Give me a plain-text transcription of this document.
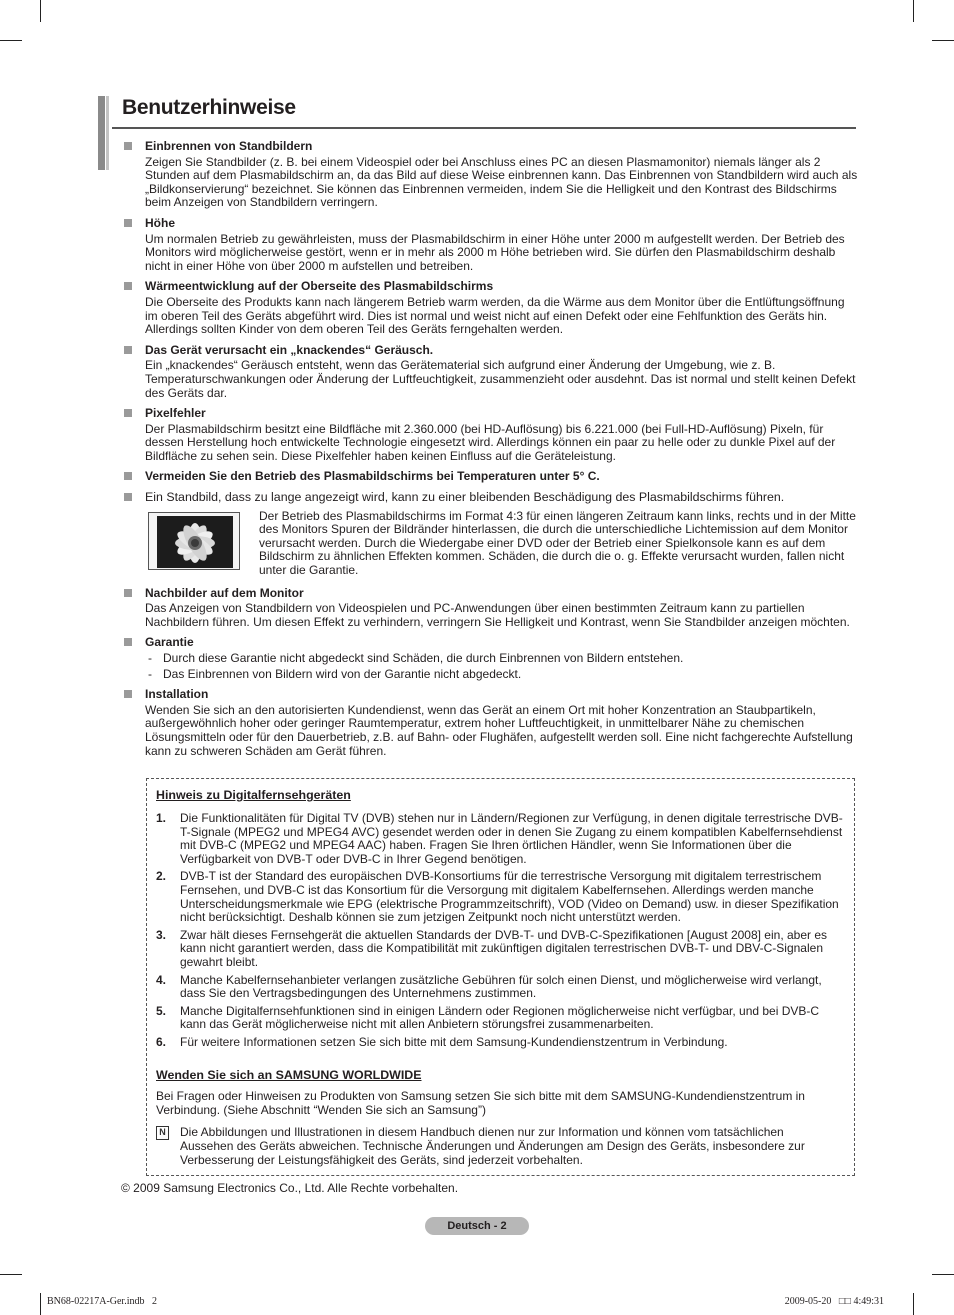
Benutzerhinweise
Einbrennen von Standbildern
Zeigen Sie Standbilder (z. B. bei einem Videospiel oder bei Anschluss eines PC an diesen Plasmamonitor) niemals länger als 2 Stunden auf dem Plasmabildschirm an, da das Bild auf diese Weise einbrennen kann. Das Einbrennen von Standbildern wird auch als „Bildkonservierung“ bezeichnet. Sie können das Einbrennen vermeiden, indem Sie die Helligkeit und den Kontrast des Bildschirms beim Anzeigen von Standbildern verringern.
Höhe
Um normalen Betrieb zu gewährleisten, muss der Plasmabildschirm in einer Höhe unter 2000 m aufgestellt werden. Der Betrieb des Monitors wird möglicherweise gestört, wenn er in mehr als 2000 m Höhe betrieben wird. Sie dürfen den Plasmabildschirm deshalb nicht in einer Höhe von über 2000 m aufstellen und betreiben.
Wärmeentwicklung auf der Oberseite des Plasmabildschirms
Die Oberseite des Produkts kann nach längerem Betrieb warm werden, da die Wärme aus dem Monitor über die Entlüftungsöffnung im oberen Teil des Geräts abgeführt wird. Dies ist normal und weist nicht auf einen Defekt oder eine Fehlfunktion des Geräts hin. Allerdings sollten Kinder von dem oberen Teil des Geräts ferngehalten werden.
Das Gerät verursacht ein „knackendes“ Geräusch.
Ein „knackendes“ Geräusch entsteht, wenn das Gerätematerial sich aufgrund einer Änderung der Umgebung, wie z. B. Temperaturschwankungen oder Änderung der Luftfeuchtigkeit, zusammenzieht oder ausdehnt. Das ist normal und stellt keinen Defekt des Geräts dar.
Pixelfehler
Der Plasmabildschirm besitzt eine Bildfläche mit 2.360.000 (bei HD-Auflösung) bis 6.221.000 (bei Full-HD-Auflösung) Pixeln, für dessen Herstellung hoch entwickelte Technologie eingesetzt wird. Allerdings können ein paar zu helle oder zu dunkle Pixel auf der Bildfläche zu sehen sein. Diese Pixelfehler haben keinen Einfluss auf die Geräteleistung.
Vermeiden Sie den Betrieb des Plasmabildschirms bei Temperaturen unter 5° C.
Ein Standbild, dass zu lange angezeigt wird, kann zu einer bleibenden Beschädigung des Plasmabildschirms führen.
Der Betrieb des Plasmabildschirms im Format 4:3 für einen längeren Zeitraum kann links, rechts und in der Mitte des Monitors Spuren der Bildränder hinterlassen, die durch die unterschiedliche Lichtemission auf dem Monitor verursacht werden. Durch die Wiedergabe einer DVD oder der Betrieb einer Spielkonsole kann es auf dem Bildschirm zu ähnlichen Effekten kommen. Schäden, die durch die o. g. Effekte verursacht wurden, fallen nicht unter die Garantie.
Nachbilder auf dem Monitor
Das Anzeigen von Standbildern von Videospielen und PC-Anwendungen über einen bestimmten Zeitraum kann zu partiellen Nachbildern führen. Um diesen Effekt zu verhindern, verringern Sie Helligkeit und Kontrast, wenn Sie Standbilder anzeigen möchten.
Garantie
- Durch diese Garantie nicht abgedeckt sind Schäden, die durch Einbrennen von Bildern entstehen.
- Das Einbrennen von Bildern wird von der Garantie nicht abgedeckt.
Installation
Wenden Sie sich an den autorisierten Kundendienst, wenn das Gerät an einem Ort mit hoher Konzentration an Staubpartikeln, außergewöhnlich hoher oder geringer Raumtemperatur, extrem hoher Luftfeuchtigkeit, in unmittelbarer Nähe zu chemischen Lösungsmitteln oder für den Dauerbetrieb, z.B. auf Bahn- oder Flughäfen, aufgestellt werden soll. Eine nicht fachgerechte Aufstellung kann zu schweren Schäden am Gerät führen.
Hinweis zu Digitalfernsehgeräten
1. Die Funktionalitäten für Digital TV (DVB) stehen nur in Ländern/Regionen zur Verfügung, in denen digitale terrestrische DVB-T-Signale (MPEG2 und MPEG4 AVC) gesendet werden oder in denen Sie Zugang zu einem kompatiblen Kabelfernsehdienst mit DVB-C (MPEG2 und MPEG4 AAC) haben. Fragen Sie Ihren örtlichen Händler, wenn Sie Informationen über die Verfügbarkeit von DVB-T oder DVB-C in Ihrer Gegend benötigen.
2. DVB-T ist der Standard des europäischen DVB-Konsortiums für die terrestrische Versorgung mit digitalem terrestrischem Fernsehen, und DVB-C ist das Konsortium für die Versorgung mit digitalem Kabelfernsehen. Allerdings werden manche Unterscheidungsmerkmale wie EPG (elektrische Programmzeitschrift), VOD (Video on Demand) usw. in dieser Spezifikation nicht berücksichtigt. Deshalb können sie zum jetzigen Zeitpunkt noch nicht unterstützt werden.
3. Zwar hält dieses Fernsehgerät die aktuellen Standards der DVB-T- und DVB-C-Spezifikationen [August 2008] ein, aber es kann nicht garantiert werden, dass die Kompatibilität mit zukünftigen digitalen terrestrischen DVB-T- und DBV-C-Signalen gewahrt bleibt.
4. Manche Kabelfernsehanbieter verlangen zusätzliche Gebühren für solch einen Dienst, und möglicherweise wird verlangt, dass Sie den Vertragsbedingungen des Unternehmens zustimmen.
5. Manche Digitalfernsehfunktionen sind in einigen Ländern oder Regionen möglicherweise nicht verfügbar, und bei DVB-C kann das Gerät möglicherweise nicht mit allen Anbietern störungsfrei zusammenarbeiten.
6. Für weitere Informationen setzen Sie sich bitte mit dem Samsung-Kundendienstzentrum in Verbindung.
Wenden Sie sich an SAMSUNG WORLDWIDE
Bei Fragen oder Hinweisen zu Produkten von Samsung setzen Sie sich bitte mit dem SAMSUNG-Kundendienstzentrum in Verbindung. (Siehe Abschnitt “Wenden Sie sich an Samsung”)
N Die Abbildungen und Illustrationen in diesem Handbuch dienen nur zur Information und können vom tatsächlichen Aussehen des Geräts abweichen. Technische Änderungen und Änderungen am Design des Geräts, insbesondere zur Verbesserung der Leistungsfähigkeit des Geräts, sind jederzeit vorbehalten.
© 2009 Samsung Electronics Co., Ltd. Alle Rechte vorbehalten.
Deutsch - 2
BN68-02217A-Ger.indb   2	2009-05-20   □□ 4:49:31
